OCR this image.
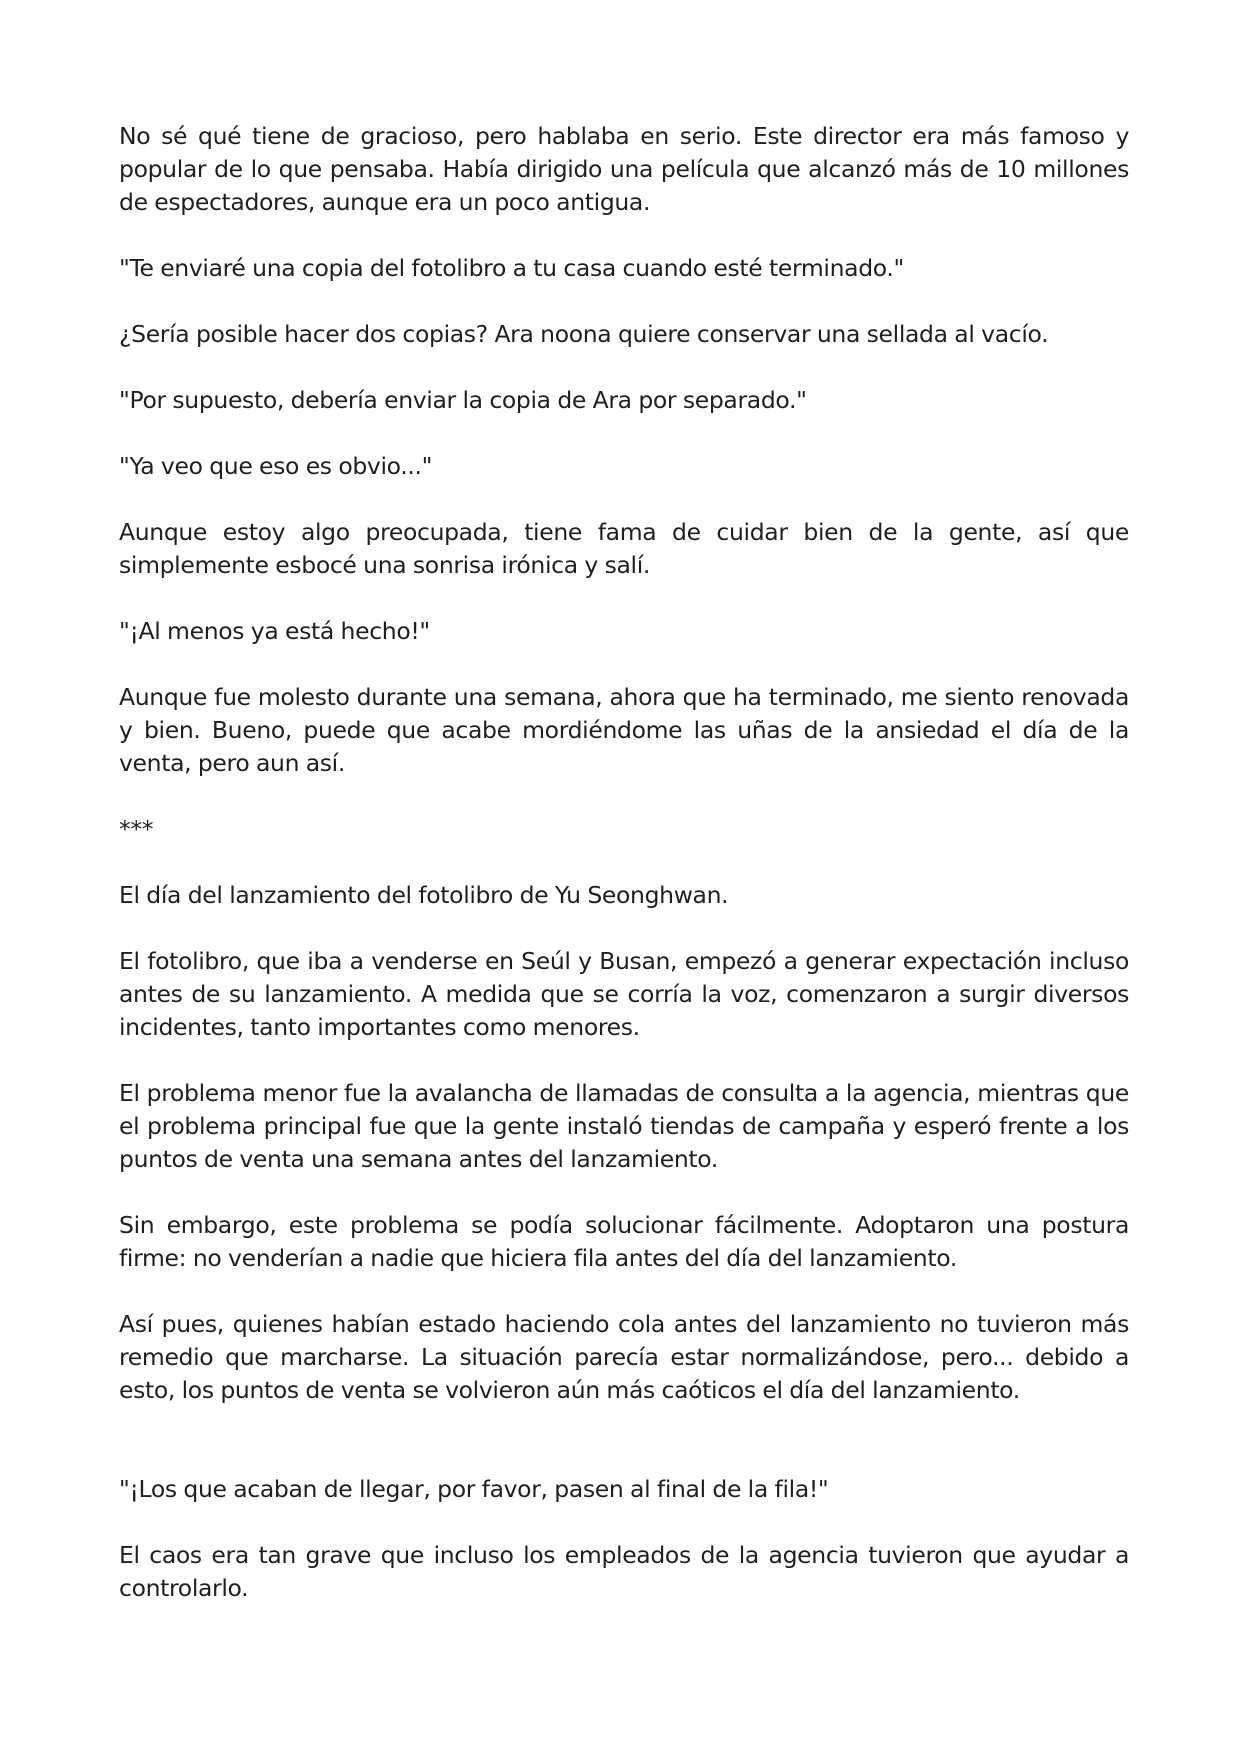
No sé qué tiene de gracioso, pero hablaba en serio. Este director era más famoso y popular de lo que pensaba. Había dirigido una película que alcanzó más de 10 millones de espectadores, aunque era un poco antigua.

"Te enviaré una copia del fotolibro a tu casa cuando esté terminado."

¿Sería posible hacer dos copias? Ara noona quiere conservar una sellada al vacío.

"Por supuesto, debería enviar la copia de Ara por separado."

"Ya veo que eso es obvio..."

Aunque estoy algo preocupada, tiene fama de cuidar bien de la gente, así que simplemente esbocé una sonrisa irónica y salí.

"¡Al menos ya está hecho!"

Aunque fue molesto durante una semana, ahora que ha terminado, me siento renovada y bien. Bueno, puede que acabe mordiéndome las uñas de la ansiedad el día de la venta, pero aun así.

***

El día del lanzamiento del fotolibro de Yu Seonghwan.

El fotolibro, que iba a venderse en Seúl y Busan, empezó a generar expectación incluso antes de su lanzamiento. A medida que se corría la voz, comenzaron a surgir diversos incidentes, tanto importantes como menores.

El problema menor fue la avalancha de llamadas de consulta a la agencia, mientras que el problema principal fue que la gente instaló tiendas de campaña y esperó frente a los puntos de venta una semana antes del lanzamiento.

Sin embargo, este problema se podía solucionar fácilmente. Adoptaron una postura firme: no venderían a nadie que hiciera fila antes del día del lanzamiento.

Así pues, quienes habían estado haciendo cola antes del lanzamiento no tuvieron más remedio que marcharse. La situación parecía estar normalizándose, pero... debido a esto, los puntos de venta se volvieron aún más caóticos el día del lanzamiento.

"¡Los que acaban de llegar, por favor, pasen al final de la fila!"

El caos era tan grave que incluso los empleados de la agencia tuvieron que ayudar a controlarlo.
